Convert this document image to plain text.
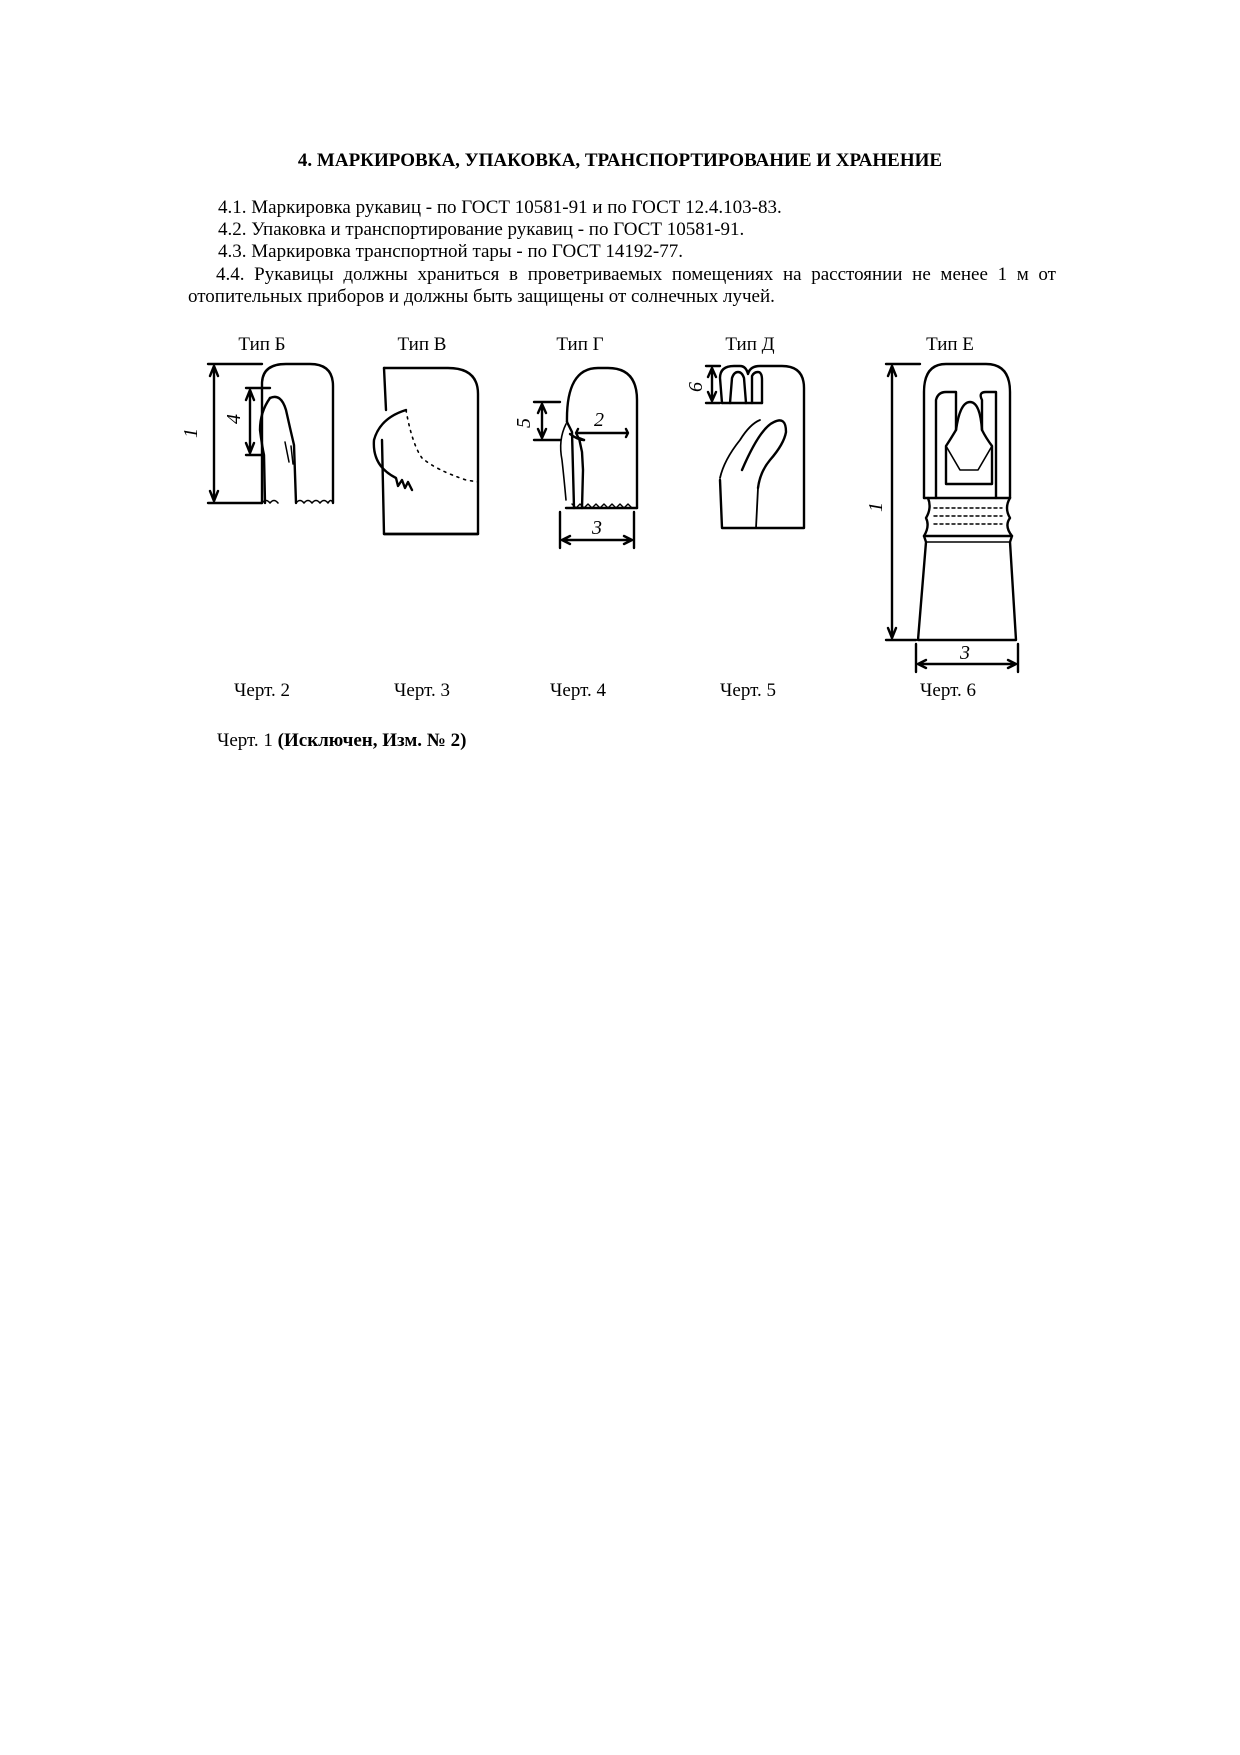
4. МАРКИРОВКА, УПАКОВКА, ТРАНСПОРТИРОВАНИЕ И ХРАНЕНИЕ
4.1. Маркировка рукавиц - по ГОСТ 10581-91 и по ГОСТ 12.4.103-83.
4.2. Упаковка и транспортирование рукавиц - по ГОСТ 10581-91.
4.3. Маркировка транспортной тары - по ГОСТ 14192-77.
4.4. Рукавицы должны храниться в проветриваемых помещениях на расстоянии не менее 1 м от отопительных приборов и должны быть защищены от солнечных лучей.
Тип Б	Тип В	Тип Г	Тип Д	Тип Е
1
4	2
5
3
6
1
3
Черт. 2	Черт. 3	Черт. 4	Черт. 5	Черт. 6
Черт. 1 (Исключен, Изм. № 2)
